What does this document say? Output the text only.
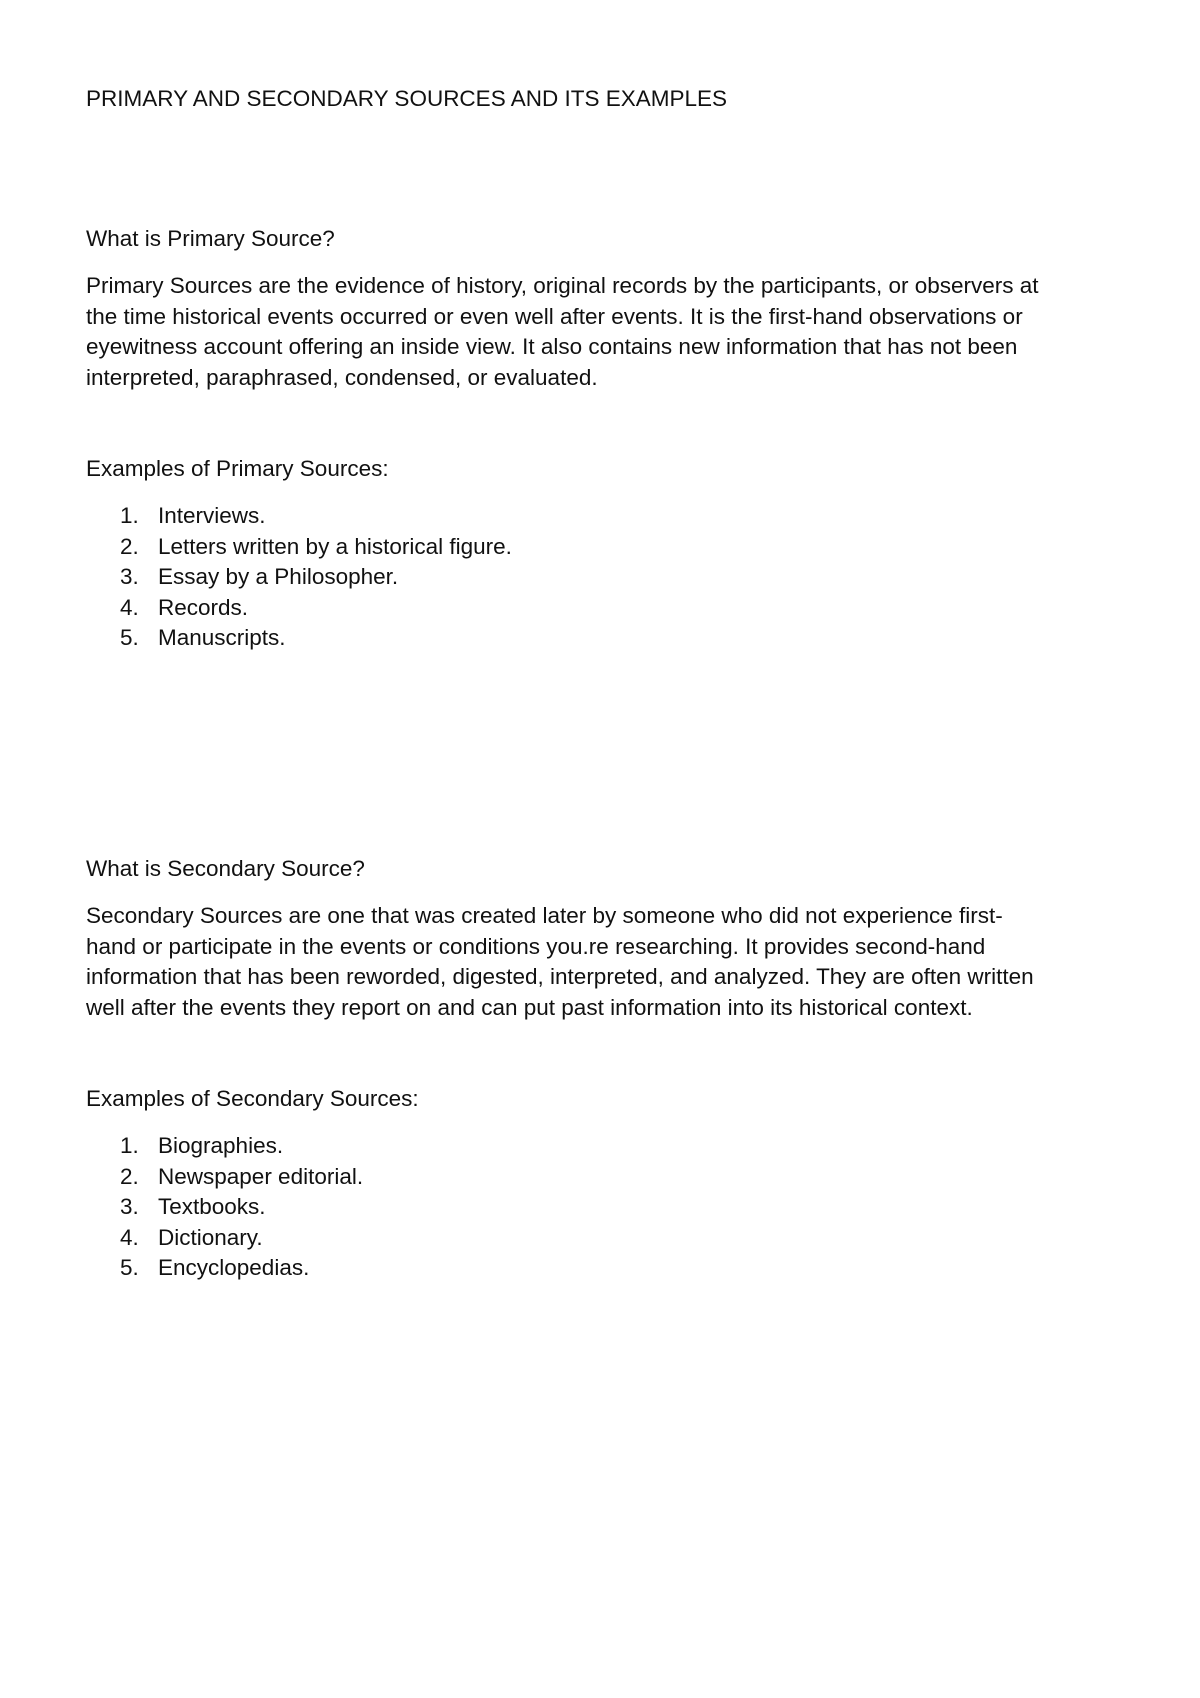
PRIMARY AND SECONDARY SOURCES AND ITS EXAMPLES
What is Primary Source?
Primary Sources are the evidence of history, original records by the participants, or observers at
the time historical events occurred or even well after events. It is the first-hand observations or
eyewitness account offering an inside view. It also contains new information that has not been
interpreted, paraphrased, condensed, or evaluated.
Examples of Primary Sources:
1. Interviews.
2. Letters written by a historical figure.
3. Essay by a Philosopher.
4. Records.
5. Manuscripts.
What is Secondary Source?
Secondary Sources are one that was created later by someone who did not experience first-
hand or participate in the events or conditions you.re researching. It provides second-hand
information that has been reworded, digested, interpreted, and analyzed. They are often written
well after the events they report on and can put past information into its historical context.
Examples of Secondary Sources:
1. Biographies.
2. Newspaper editorial.
3. Textbooks.
4. Dictionary.
5. Encyclopedias.
